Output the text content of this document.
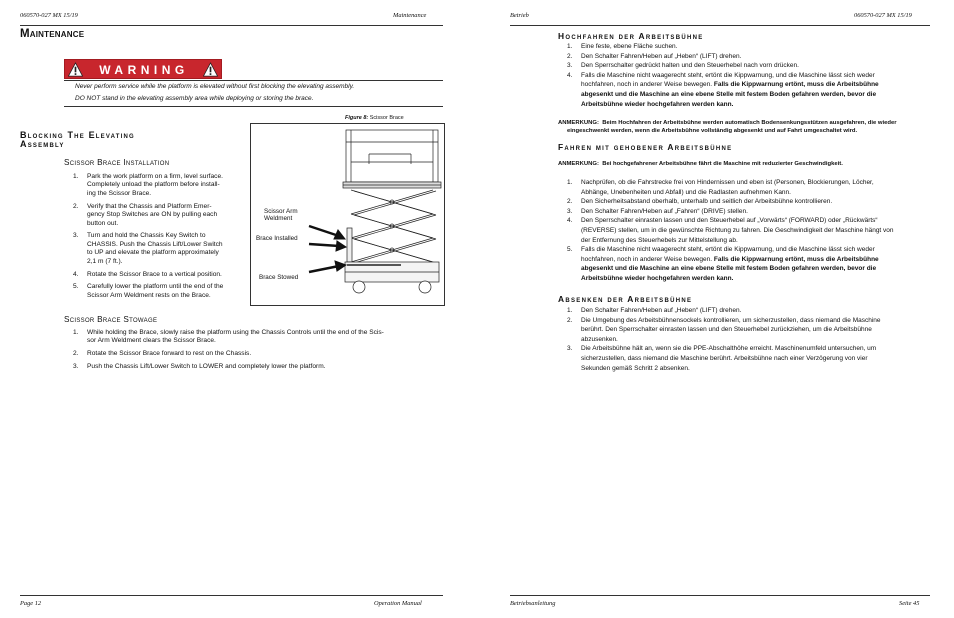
060570-027 MX 15/19	Maintenance
Maintenance
WARNING
Never perform service while the platform is elevated without first blocking the elevating assembly.
DO NOT stand in the elevating assembly area while deploying or storing the brace.
Blocking The Elevating
Assembly
Scissor Brace Installation
1. Park the work platform on a firm, level surface.
Completely unload the platform before install-
ing the Scissor Brace.
2. Verify that the Chassis and Platform Emer-
gency Stop Switches are ON by pulling each
button out.
3. Turn and hold the Chassis Key Switch to
CHASSIS. Push the Chassis Lift/Lower Switch
to UP and elevate the platform approximately
2,1 m (7 ft.).
4. Rotate the Scissor Brace to a vertical position.
5. Carefully lower the platform until the end of the
Scissor Arm Weldment rests on the Brace.
Figure 8: Scissor Brace
Scissor Arm
Weldment
Brace Installed
Brace Stowed
Scissor Brace Stowage
1. While holding the Brace, slowly raise the platform using the Chassis Controls until the end of the Scis-
sor Arm Weldment clears the Scissor Brace.
2. Rotate the Scissor Brace forward to rest on the Chassis.
3. Push the Chassis Lift/Lower Switch to LOWER and completely lower the platform.
Page 12	Operation Manual
Betrieb	060570-027 MX 15/19
Hochfahren der Arbeitsbühne
1. Eine feste, ebene Fläche suchen.
2. Den Schalter Fahren/Heben auf „Heben“ (LIFT) drehen.
3. Den Sperrschalter gedrückt halten und den Steuerhebel nach vorn drücken.
4. Falls die Maschine nicht waagerecht steht, ertönt die Kippwarnung, und die Maschine lässt sich weder
hochfahren, noch in anderer Weise bewegen. Falls die Kippwarnung ertönt, muss die Arbeitsbühne
abgesenkt und die Maschine an eine ebene Stelle mit festem Boden gefahren werden, bevor die
Arbeitsbühne wieder hochgefahren werden kann.
ANMERKUNG: Beim Hochfahren der Arbeitsbühne werden automatisch Bodensenkungsstützen ausgefahren, die wieder
eingeschwenkt werden, wenn die Arbeitsbühne vollständig abgesenkt und auf Fahrt umgeschaltet wird.
Fahren mit gehobener Arbeitsbühne
ANMERKUNG: Bei hochgefahrener Arbeitsbühne fährt die Maschine mit reduzierter Geschwindigkeit.
1. Nachprüfen, ob die Fahrstrecke frei von Hindernissen und eben ist (Personen, Blockierungen, Löcher,
Abhänge, Unebenheiten und Abfall) und die Radlasten aufnehmen Kann.
2. Den Sicherheitsabstand oberhalb, unterhalb und seitlich der Arbeitsbühne kontrollieren.
3. Den Schalter Fahren/Heben auf „Fahren“ (DRIVE) stellen.
4. Den Sperrschalter einrasten lassen und den Steuerhebel auf „Vorwärts“ (FORWARD) oder „Rückwärts“
(REVERSE) stellen, um in die gewünschte Richtung zu fahren. Die Geschwindigkeit der Maschine hängt von
der Entfernung des Steuerhebels zur Mittelstellung ab.
5. Falls die Maschine nicht waagerecht steht, ertönt die Kippwarnung, und die Maschine lässt sich weder
hochfahren, noch in anderer Weise bewegen. Falls die Kippwarnung ertönt, muss die Arbeitsbühne
abgesenkt und die Maschine an eine ebene Stelle mit festem Boden gefahren werden, bevor die
Arbeitsbühne wieder hochgefahren werden kann.
Absenken der Arbeitsbühne
1. Den Schalter Fahren/Heben auf „Heben“ (LIFT) drehen.
2. Die Umgebung des Arbeitsbühnensockels kontrollieren, um sicherzustellen, dass niemand die Maschine
berührt. Den Sperrschalter einrasten lassen und den Steuerhebel zurückziehen, um die Arbeitsbühne
abzusenken.
3. Die Arbeitsbühne hält an, wenn sie die PPE-Abschalthöhe erreicht. Maschinenumfeld untersuchen, um
sicherzustellen, dass niemand die Maschine berührt. Arbeitsbühne nach einer Verzögerung von vier
Sekunden gemäß Schritt 2 absenken.
Betriebsanleitung	Seite 45
